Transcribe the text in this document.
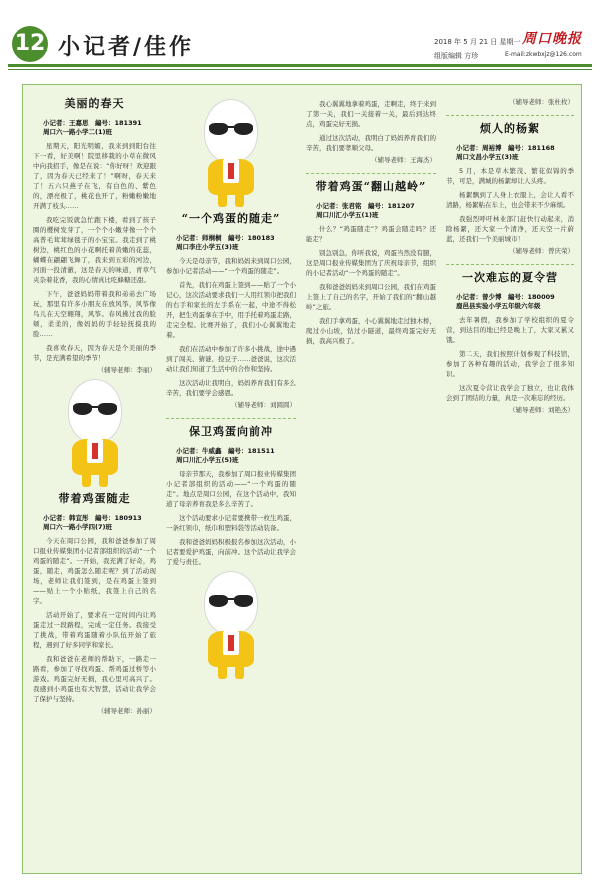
12 小记者/佳作	2018 年 5 月 21 日 星期一
组版编辑 方珍	E-mail:zkwbxjz@126.com
周口晚报
美丽的春天
小记者：王嘉思　編号：181391
周口六一路小学二(1)班

星期天，阳光明媚，我来到到阳台往下一看，好美啊！院里移栽的小草在微风中向我招手，像是在说：“你好呀！欢迎跟了，因为春天已经来了！”啊呀，春天来了！五六只燕子在飞，有白色的、紫色的，漂亮极了，桃花也开了，粉嫩粉嫩地开满了枝头……

我吃完饭就急忙跑下楼，看到了孩子圈的樱树发芽了，一个个小嫩芽像一个个高普毛茸茸绿毯子的小宝宝。我走到了桃树边，桃红色的小花啊托着黄嫩的花蕊，蝴蝶在翩翩飞舞了，我来到五彩的河边，河面一投清澈，这是春天的味道，青草气夹杂着花香，我的心情真比吃蜂糖还甜。

下午，爸爸妈妈带着我和弟弟去广场玩，那里有许多小朋友在放风筝，风筝像鸟儿在天空翱翔，风筝。春风拂过我的脸颊，柔柔的，像妈妈的手轻轻抚摸我的脸……

我喜欢春天，因为春天是个美丽的季节，是充满希望的季节！

（辅导老师：李丽）
带着鸡蛋随走
小记者：韩宜彤　編号：180913
周口六一路小学四(7)班

今天在周口公园，我和爸爸参加了周口报业传媒集团小记者部组织的活动“一个鸡蛋的随走”。一开始，我充满了好奇，鸡蛋，随走，鸡蛋怎么随走呢？到了活动现场，老师让我们签到，是在鸡蛋上签到——贴上一个小贴纸，我签上自己的名字。

活动开始了，要求在一定时间内让鸡蛋走过一段路程，完成一定任务。我接受了挑战，带着鸡蛋随着小队伍开始了旅程，遇到了好多同学和家长。

我和爸爸在老师的帮助下，一路走一路看，参加了寻找鸡蛋、帮鸡蛋过桥等小游戏。鸡蛋完好无损，我心里可高兴了。我感到小鸡蛋也有大智慧，活动让我学会了保护与坚持。

（辅导老师：孙丽）
“一个鸡蛋的随走”
小记者：师桐桐　編号：180183
周口李庄小学五(3)班

今天是母亲节，我和妈妈来到周口公园，参加小记者活动——“一个鸡蛋的随走”。

首先，我们在鸡蛋上签到——贴了一个小记心，这次活动要求我们一人用红领巾把我们的右手和家长的左手系在一起，中途不得松开，把生鸡蛋拿在手中，用手托着鸡蛋走路，走完全程。比赛开始了，我们小心翼翼地走着。

我们在活动中参加了许多小挑战，途中遇到了闯关、猜谜、捡豆子……爸爸说，这次活动让我们知道了生活中的合作和坚持。

这次活动让我明白，妈妈养育我们有多么辛苦，我们要学会感恩。

（辅导老师：刘圆圆）
保卫鸡蛋向前冲
小记者：牛威鑫　編号：181511
周口川汇小学五(5)班

母亲节那天，我参加了周口报业传媒集团小记者部组织的活动——“一个鸡蛋的随走”。地点是周口公园，在这个活动中，我知道了母亲养育我是多么辛苦了。

这个活动要求小记者要携带一枚生鸡蛋，一条红领巾，纸巾和塑料袋等活动装备。

我和爸爸妈妈积极报名参加这次活动，小记者要爱护鸡蛋，向前冲。这个活动让我学会了爱与责任。

我心翼翼地拿着鸡蛋，走啊走，终于来到了第一关，我们一关接着一关，最后到达终点，鸡蛋完好无损。

通过这次活动，我明白了妈妈养育我们的辛苦，我们要孝顺父母。

（辅导老师：王海杰）
带着鸡蛋“翻山越岭”
小记者：张君铭　編号：181207
周口川汇小学五(1)班

什么？“鸡蛋随走”？鸡蛋会随走吗？还能走？

别急别急，你听我说，鸡蛋当然没有腿，这是周口报业传媒集团为了庆祝母亲节，组织的小记者活动“一个鸡蛋的随走”。

我和爸爸妈妈来到周口公园，我们在鸡蛋上签上了自己的名字，开始了我们的“翻山越岭”之旅。

我们手拿鸡蛋，小心翼翼地走过独木桥，爬过小山坡，钻过小隧道，最终鸡蛋完好无损，我高兴极了。

（辅导老师：张杜枚）
烦人的杨絮
小记者：周裕博　編号：181168
周口文昌小学五(3)班

5 月，本是草木繁茂、繁花似锦的季节，可是，满城的杨絮却让人头疼。

杨絮飘到了人身上衣服上，会让人看不清路，杨絮粘在车上，也会带来不少麻烦。

我强烈呼吁林业部门赶快行动起来，消除杨絮，还大家一个清净，还天空一片蔚蓝，还我们一个美丽城市！

（辅导老师：曾庆荣）
一次难忘的夏令营
小记者：曾少博　編号：180009
鹿邑县实验小学五年级六年级

去年暑假，我参加了学校组织的夏令营，到达目的地已经是晚上了，大家又累又饿。

第二天，我们按照计划参观了科技馆，参加了各种有趣的活动，我学会了很多知识。

这次夏令营让我学会了独立，也让我体会到了团结的力量，真是一次难忘的经历。

（辅导老师：刘艳杰）
